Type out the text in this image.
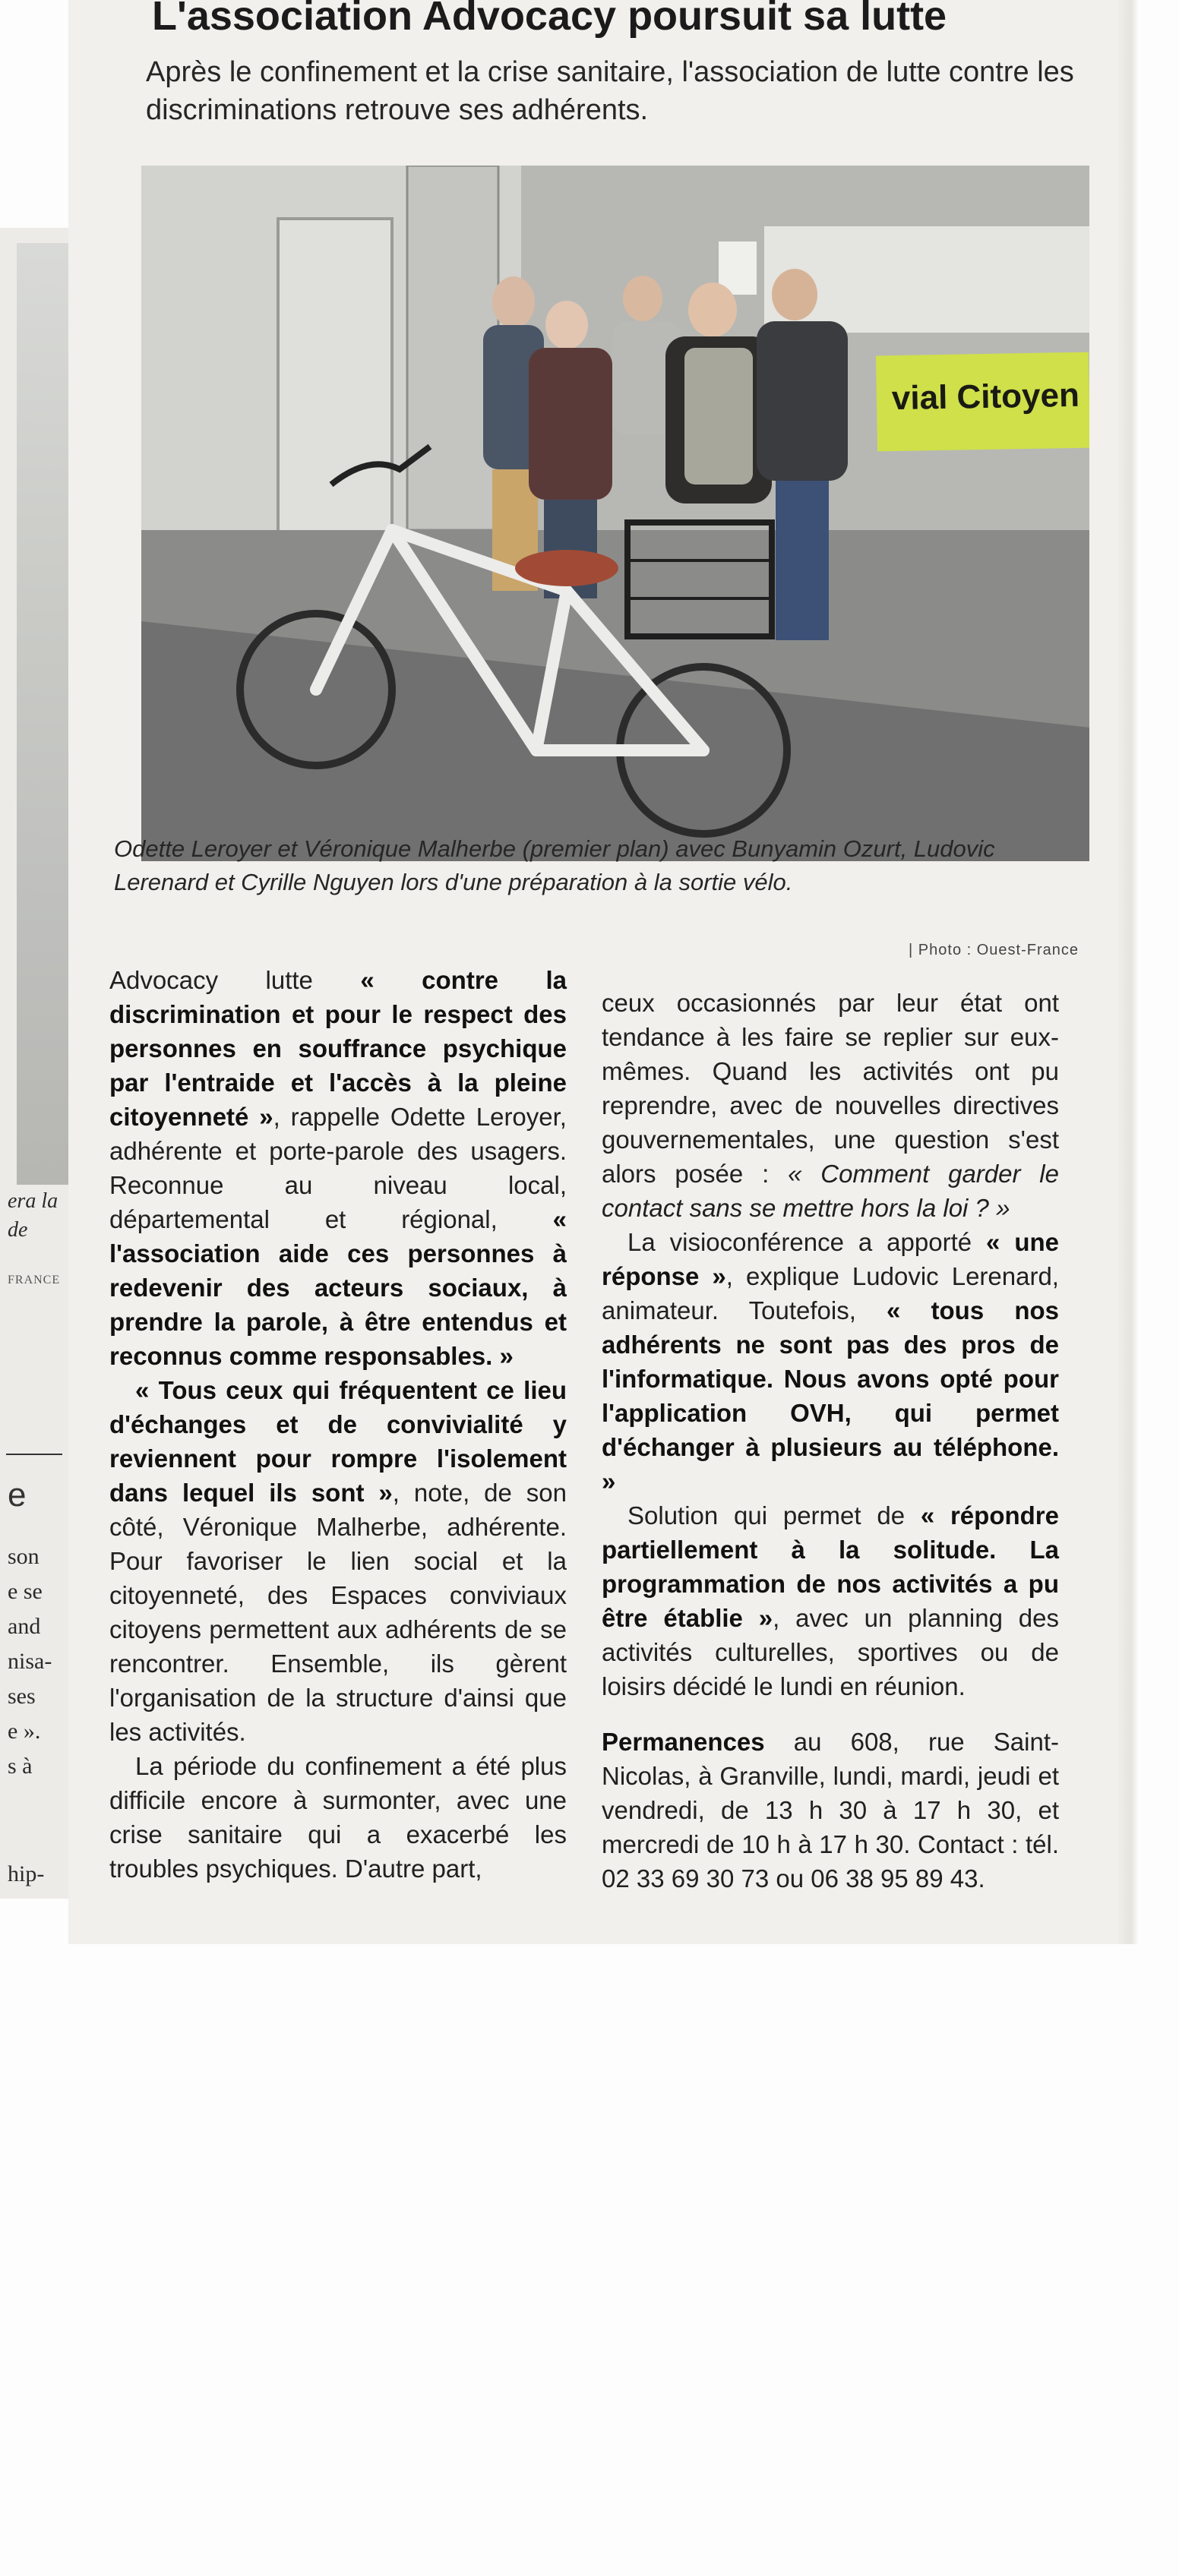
era la
de
FRANCE
e
son
e se
and
nisa-
ses
e ».
s à
hip-
L'association Advocacy poursuit sa lutte

Après le confinement et la crise sanitaire, l'association de lutte contre les discriminations retrouve ses adhérents.

vial Citoyen

Odette Leroyer et Véronique Malherbe (premier plan) avec Bunyamin Ozurt, Ludovic Lerenard et Cyrille Nguyen lors d'une préparation à la sortie vélo.

| Photo : Ouest-France

Advocacy lutte « contre la discrimination et pour le respect des personnes en souffrance psychique par l'entraide et l'accès à la pleine citoyenneté », rappelle Odette Leroyer, adhérente et porte-parole des usagers. Reconnue au niveau local, départemental et régional, « l'association aide ces personnes à redevenir des acteurs sociaux, à prendre la parole, à être entendus et reconnus comme responsables. »

« Tous ceux qui fréquentent ce lieu d'échanges et de convivialité y reviennent pour rompre l'isolement dans lequel ils sont », note, de son côté, Véronique Malherbe, adhérente. Pour favoriser le lien social et la citoyenneté, des Espaces conviviaux citoyens permettent aux adhérents de se rencontrer. Ensemble, ils gèrent l'organisation de la structure d'ainsi que les activités.

La période du confinement a été plus difficile encore à surmonter, avec une crise sanitaire qui a exacerbé les troubles psychiques. D'autre part,

ceux occasionnés par leur état ont tendance à les faire se replier sur eux-mêmes. Quand les activités ont pu reprendre, avec de nouvelles directives gouvernementales, une question s'est alors posée : « Comment garder le contact sans se mettre hors la loi ? »

La visioconférence a apporté « une réponse », explique Ludovic Lerenard, animateur. Toutefois, « tous nos adhérents ne sont pas des pros de l'informatique. Nous avons opté pour l'application OVH, qui permet d'échanger à plusieurs au téléphone. »

Solution qui permet de « répondre partiellement à la solitude. La programmation de nos activités a pu être établie », avec un planning des activités culturelles, sportives ou de loisirs décidé le lundi en réunion.

Permanences au 608, rue Saint-Nicolas, à Granville, lundi, mardi, jeudi et vendredi, de 13 h 30 à 17 h 30, et mercredi de 10 h à 17 h 30. Contact : tél. 02 33 69 30 73 ou 06 38 95 89 43.
